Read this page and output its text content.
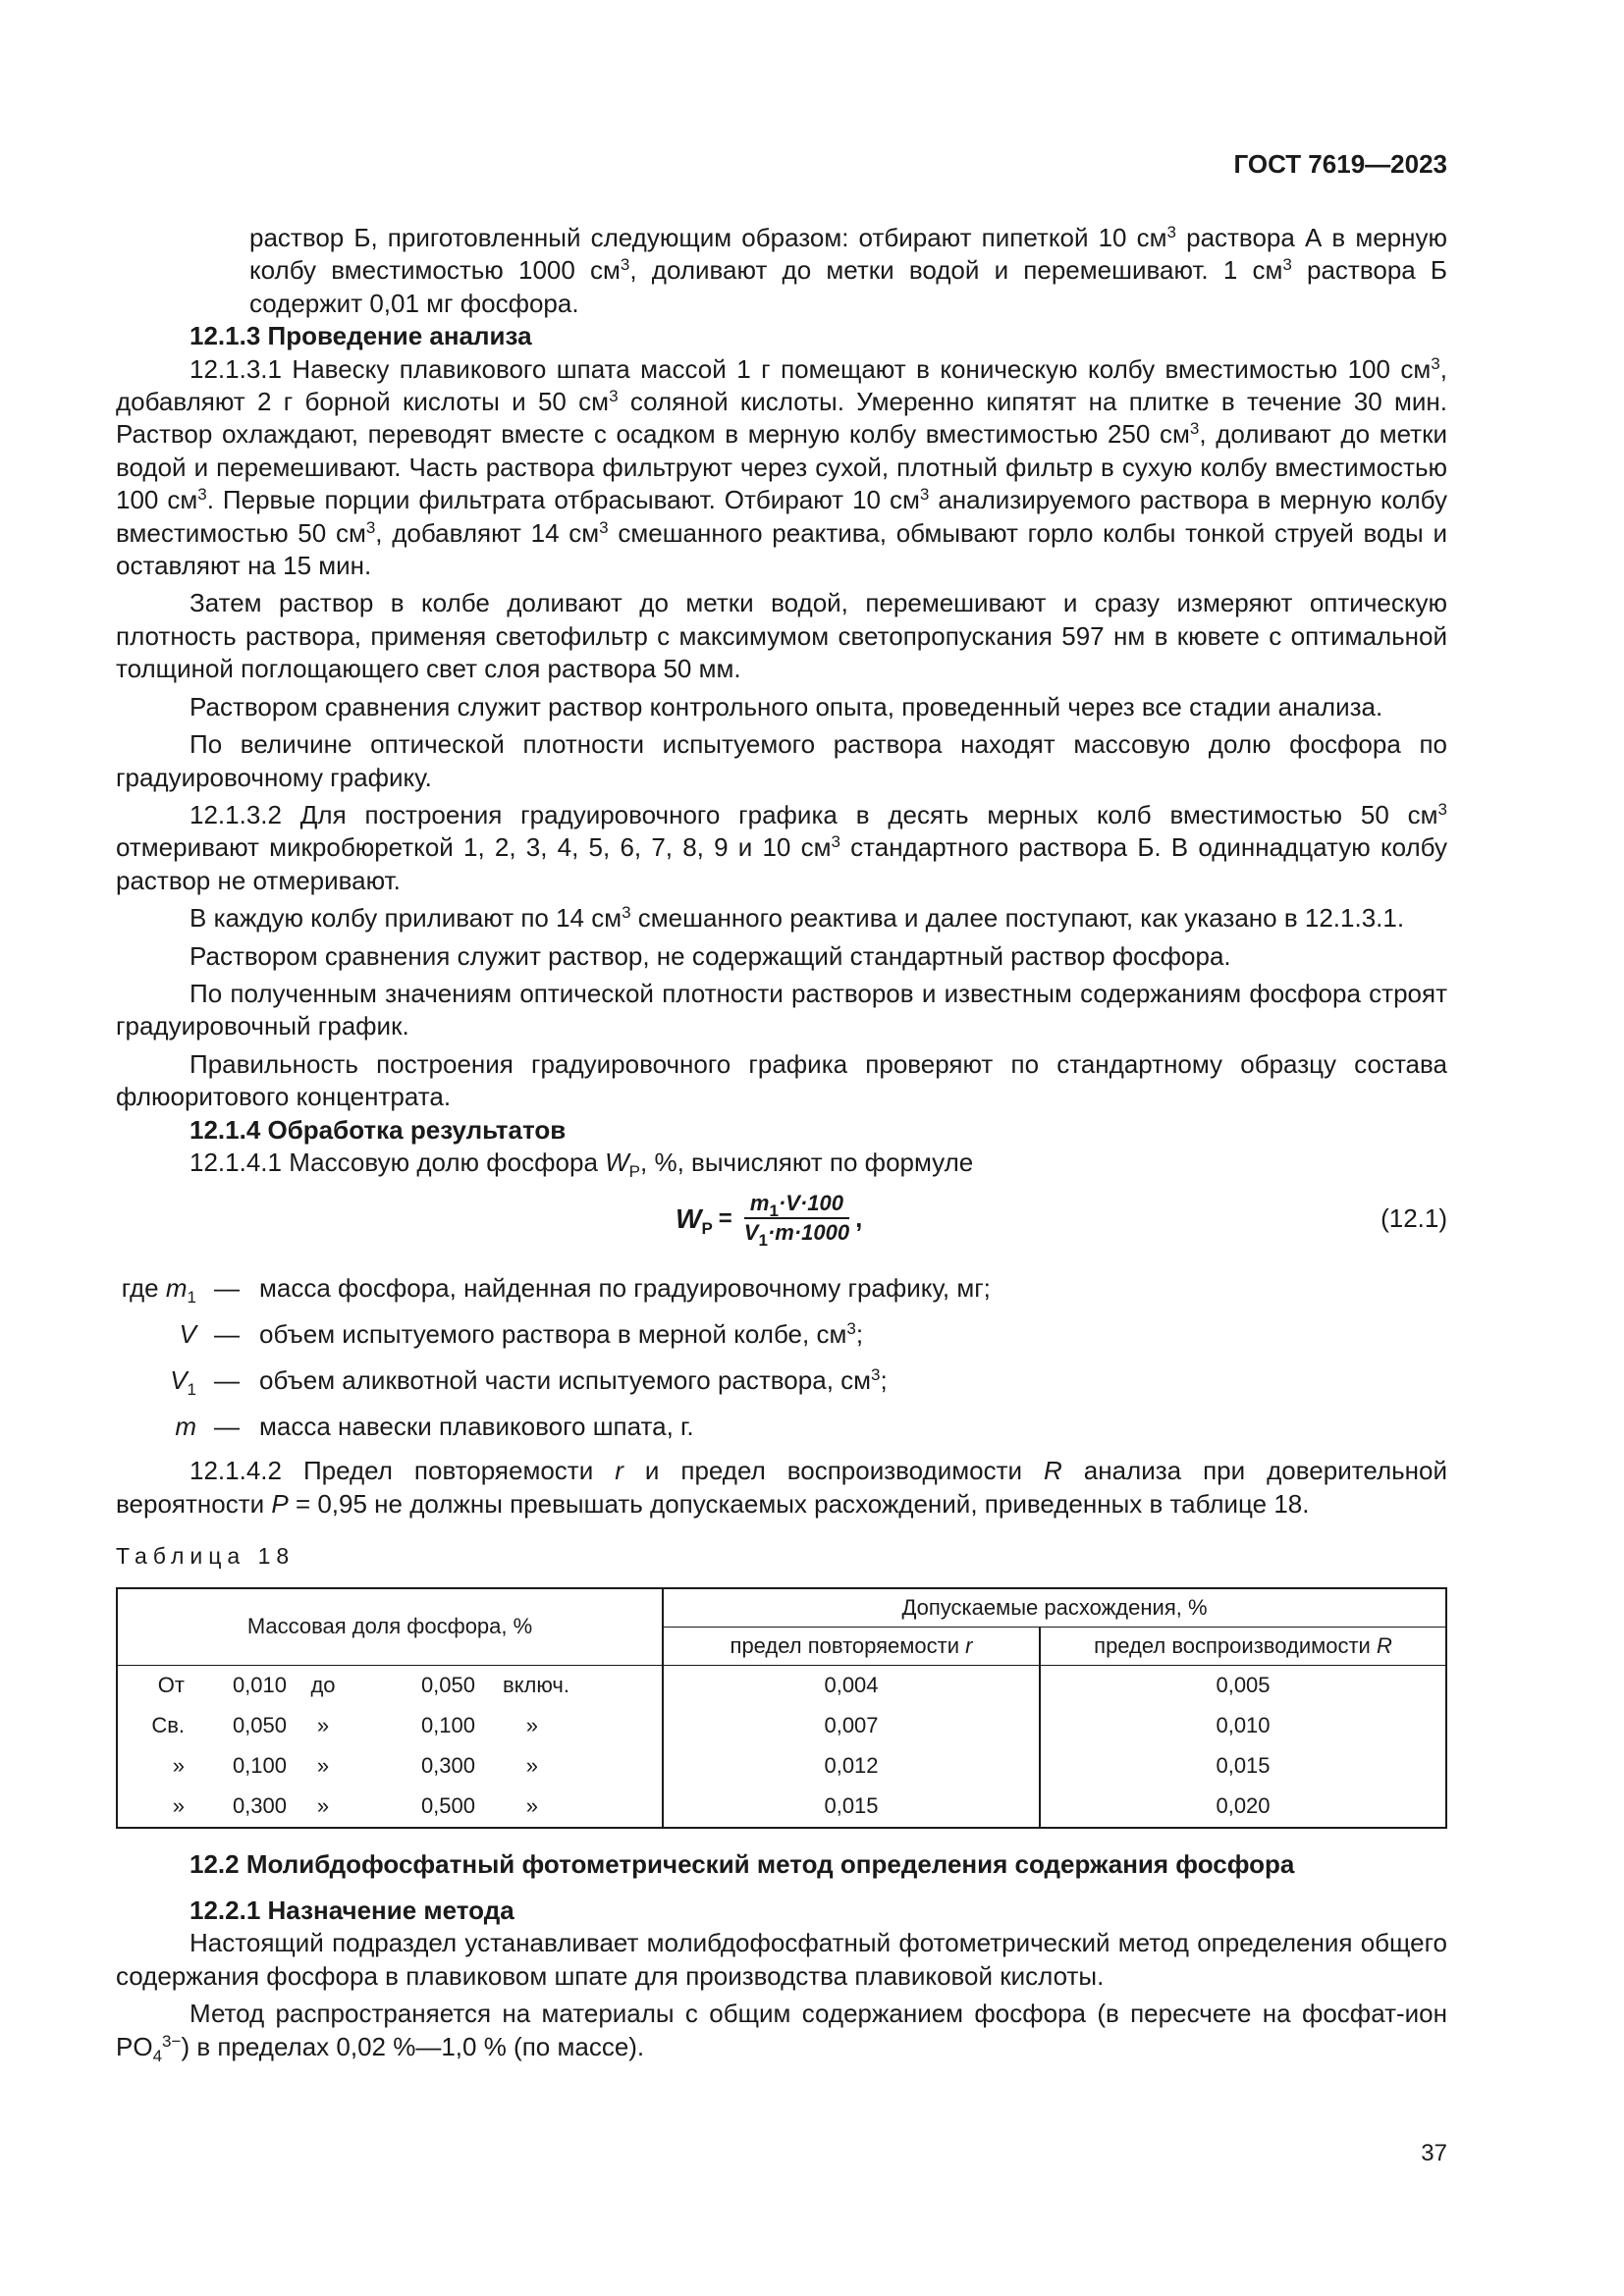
ГОСТ 7619—2023

раствор Б, приготовленный следующим образом: отбирают пипеткой 10 $см^3$ раствора А в мерную колбу вместимостью 1000 $см^3$, доливают до метки водой и перемешивают. 1 $см^3$ раствора Б содержит 0,01 мг фосфора.

12.1.3 Проведение анализа

12.1.3.1 Навеску плавикового шпата массой 1 г помещают в коническую колбу вместимостью 100 $см^3$, добавляют 2 г борной кислоты и 50 $см^3$ соляной кислоты. Умеренно кипятят на плитке в течение 30 мин. Раствор охлаждают, переводят вместе с осадком в мерную колбу вместимостью 250 $см^3$, доливают до метки водой и перемешивают. Часть раствора фильтруют через сухой, плотный фильтр в сухую колбу вместимостью 100 $см^3$. Первые порции фильтрата отбрасывают. Отбирают 10 $см^3$ анализируемого раствора в мерную колбу вместимостью 50 $см^3$, добавляют 14 $см^3$ смешанного реактива, обмывают горло колбы тонкой струей воды и оставляют на 15 мин.

Затем раствор в колбе доливают до метки водой, перемешивают и сразу измеряют оптическую плотность раствора, применяя светофильтр с максимумом светопропускания 597 нм в кювете с оптимальной толщиной поглощающего свет слоя раствора 50 мм.

Раствором сравнения служит раствор контрольного опыта, проведенный через все стадии анализа.

По величине оптической плотности испытуемого раствора находят массовую долю фосфора по градуировочному графику.

12.1.3.2 Для построения градуировочного графика в десять мерных колб вместимостью 50 $см^3$ отмеривают микробюреткой 1, 2, 3, 4, 5, 6, 7, 8, 9 и 10 $см^3$ стандартного раствора Б. В одиннадцатую колбу раствор не отмеривают.

В каждую колбу приливают по 14 $см^3$ смешанного реактива и далее поступают, как указано в 12.1.3.1.

Раствором сравнения служит раствор, не содержащий стандартный раствор фосфора.

По полученным значениям оптической плотности растворов и известным содержаниям фосфора строят градуировочный график.

Правильность построения градуировочного графика проверяют по стандартному образцу состава флюоритового концентрата.

12.1.4 Обработка результатов

12.1.4.1 Массовую долю фосфора $W_P$, %, вычисляют по формуле

$W_P = \frac{m_1\cdot V\cdot 100}{V_1\cdot m\cdot 1000}$ ,	(12.1)
где $m_1$ — масса фосфора, найденная по градуировочному графику, мг;
V — объем испытуемого раствора в мерной колбе, $см^3$;
$V_1$ — объем аликвотной части испытуемого раствора, $см^3$;
m — масса навески плавикового шпата, г.

12.1.4.2 Предел повторяемости r и предел воспроизводимости R анализа при доверительной вероятности P = 0,95 не должны превышать допускаемых расхождений, приведенных в таблице 18.

Таблица 18
Массовая доля фосфора, %	Допускаемые расхождения, %	
	предел повторяемости r	предел воспроизводимости R

От 0,010 до 0,050 включ.	0,004	0,005

Св. 0,050 » 0,100 »	0,007	0,010

» 0,100 » 0,300 »	0,012	0,015

» 0,300 » 0,500 »	0,015	0,020

12.2 Молибдофосфатный фотометрический метод определения содержания фосфора

12.2.1 Назначение метода

Настоящий подраздел устанавливает молибдофосфатный фотометрический метод определения общего содержания фосфора в плавиковом шпате для производства плавиковой кислоты.

Метод распространяется на материалы с общим содержанием фосфора (в пересчете на фосфат-ион $PO_4^{3-}$) в пределах 0,02 %—1,0 % (по массе).

37
